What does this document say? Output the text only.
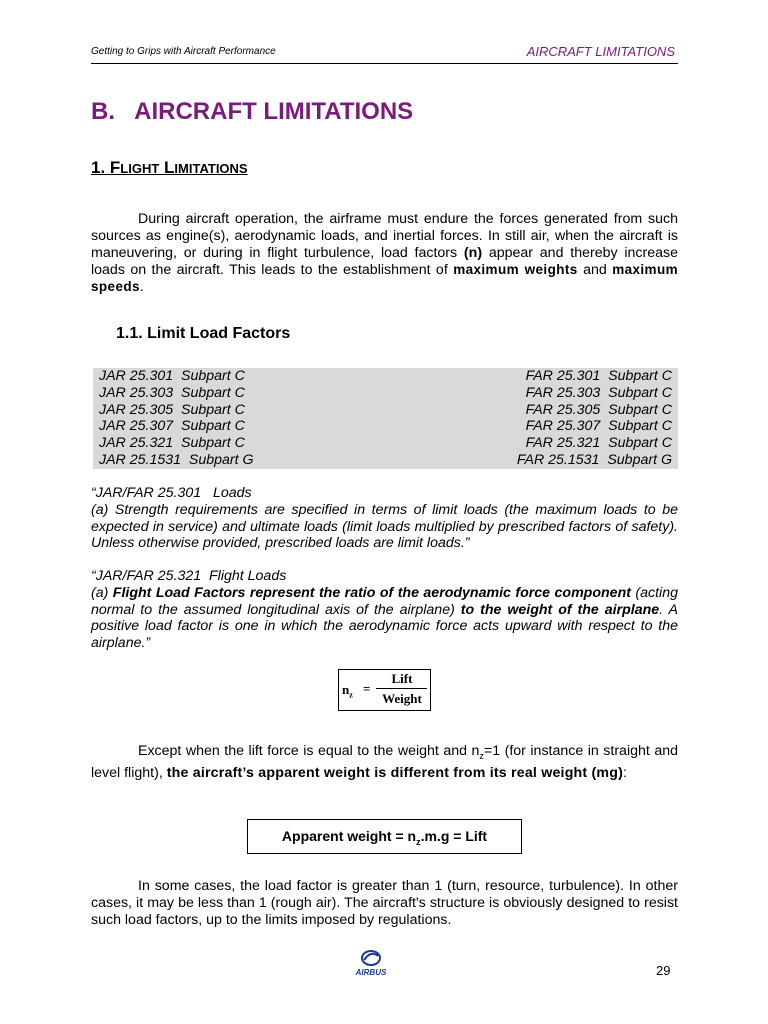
Getting to Grips with Aircraft Performance	AIRCRAFT LIMITATIONS
B.   AIRCRAFT LIMITATIONS
1. FLIGHT LIMITATIONS
During aircraft operation, the airframe must endure the forces generated from such sources as engine(s), aerodynamic loads, and inertial forces. In still air, when the aircraft is maneuvering, or during in flight turbulence, load factors (n) appear and thereby increase loads on the aircraft. This leads to the establishment of maximum weights and maximum speeds.
1.1. Limit Load Factors
JAR 25.301  Subpart C	FAR 25.301  Subpart C
JAR 25.303  Subpart C	FAR 25.303  Subpart C
JAR 25.305  Subpart C	FAR 25.305  Subpart C
JAR 25.307  Subpart C	FAR 25.307  Subpart C
JAR 25.321  Subpart C	FAR 25.321  Subpart C
JAR 25.1531  Subpart G	FAR 25.1531  Subpart G
“JAR/FAR 25.301   Loads
(a) Strength requirements are specified in terms of limit loads (the maximum loads to be expected in service) and ultimate loads (limit loads multiplied by prescribed factors of safety). Unless otherwise provided, prescribed loads are limit loads.”
“JAR/FAR 25.321  Flight Loads
(a) Flight Load Factors represent the ratio of the aerodynamic force component (acting normal to the assumed longitudinal axis of the airplane) to the weight of the airplane. A positive load factor is one in which the aerodynamic force acts upward with respect to the airplane.”
$n_z$ =
Lift
Weight
Except when the lift force is equal to the weight and $n_z=1$ (for instance in straight and level flight), the aircraft’s apparent weight is different from its real weight (mg):
Apparent weight = $n_z.m.g$ = Lift
In some cases, the load factor is greater than 1 (turn, resource, turbulence). In other cases, it may be less than 1 (rough air). The aircraft's structure is obviously designed to resist such load factors, up to the limits imposed by regulations.
AIRBUS	29
